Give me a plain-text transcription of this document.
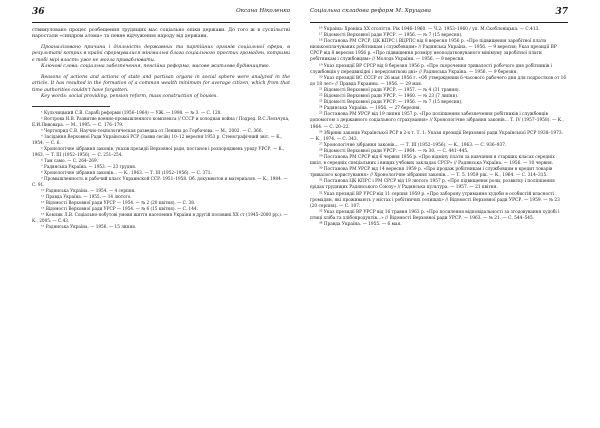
36	Оксана Ніколенко

ствимуловано процес розбещення трудящих мас соціально опіки держави. До того ж в суспільстві наростали «синдром атома» та певне відчуження народу від держави.

Проаналізовано причини і діяльність державних та партійних органів соціальної сфери, в результаті котрих в країні сформувалися мінімальні блага соціального простих громадян, котрими є тобі мірі власть уже не могла приваблювати.

Ключові слова: соціальна забезпечення, пенсійна реформа, масове житлове будівництво.

Reasons of actions and actions of state and partisan organs in social sphere were analyzed in the article. It has resulted in the formation of a common wealth minimum for average citizen, which from that time authorities couldn't have forgotten.

Key words: social providing, pension reform, mass construction of houses.

¹ Кульчицький С.В. Сарабі реформи (1956–1964) — УЖ. — 1998. — № 3. — С. 120.

² Вострова Н.В. Развитие военно-промышленного комплекса // СССР и холодная война / Подред. В.С.Лельчука, Е.И.Пивовара. — М., 1995. — С. 176–179.

³ Чертоприд С.В. Научно-технологическая разведка от Ленина до Горбачова. — М., 2002. — С. 366.

⁴ Засідання Верховної Ради Української РСР (Заяви сесіїв) 10–12 вересня 1953 р. Стенографічний звіт. — К., 1954. — С. 6.

⁵ Хронологічне зібрання законів, указів президії Верховної ради, постанов і розпоряджень уряду УРСР. — К., 1963. — Т. III (1952–1956). — С. 251–254.

⁶ Там само. — С. 264–269.

⁷ Радянська Україна. — 1953. — 23 грудня.

⁸ Хронологічне зібрання законів… — К., 1963. — Т. III (1952–1956). — С. 371.

⁹ Промышленность и рабочий класс Украинской ССР. 1951–1958. Об. документов и материалов. — К., 1984. — С. 91.

¹⁰ Радянська Україна. — 1954. — 4 серпня.

¹¹ Правда Україна. — 1955. — 14 лютого.

¹² Відомості Верховної ради УРСР — 1954. — № 2 (20 квітня). — С. 38.

¹³ Відомості Верховної ради УРСР — 1954. — № 6 (15 квітня). — С. 144.

¹⁴ Комлик Л.В. Соціально-побутові умови життя населення України в другій половині XX ст (1945–2000 рр.). — К., 2005. — С.43.

¹⁵ Радянська Україна. — 1956. — 15 липня.

Соціальна складова реформ М. Хрущова	37

¹⁶ Україна: Хроніка XX століття. Рік 1946–1960. — Ч.2: 1953–1960 / уп. М.Скоблоніцька. — С.413.

¹⁷ Відомості Верховної ради УРСР. — 1956. — № 7 (15 вересня).

¹⁸ Постанова РМ СРСР, ЦК КПРС і ВЦРПС від 8 вересня 1956 р. «Про підвищення заробітної плати низькооплачуваних робітникам і службовцям» // Радянська Україна. — 1956. — 9 вересня; Указ президії ВР СРСР від 8 вересня 1956 р. «Про підвищення розміру неоподатковуваного мінімуму заробітної плати робітникам і службовцям» // Молодь України. — 1956. — 9 вересня.

¹⁹ Указ президії ВР СРСР від 8 березня 1956 р. «Про скорочення тривалості робочого дня робітників і службовців у передвихідні і передсвяткові дні» // Радянська Україна. — 1956. — 9 березня.

²⁰ Указ президії ВС СССР от 26 мая 1956 г. «Об утверждении 6-часового рабочего дня для подростков от 16 до 18 лет» // Правда Украины. — 1956. — 29 мая.

²¹ Відомості Верховної ради УРСР. — 1957. — № 4 (31 травня).

²² Відомості Верховної ради УРСР. — 1960. — № 23 (7 липня).

²³ Відомості Верховної ради УРСР. — 1956. — № 7 (15 вересня).

²⁴ Радянська Україна. — 1956. — 27 березня.

²⁵ Постанова РМ УРСР від 19 липня 1957 р. «Про поліпшення забезпечення робітників і службовців допомогою з державного соціального страхування» // Хронологічне зібрання законів… Т. IV (1957–1958). — К., 1964. — С. 20–22.

²⁶ Збірник законів Української РСР в 2-х т. Т. 1: Укази президії Верховної ради Української РСР 1938–1973. — К., 1974. — С. 343.

²⁷ Хронологічне зібрання законів… — Т. III (1952–1956). — К., 1963. — С. 936–937.

²⁸ Відомості Верховної ради УРСР. — 1964. — № 30. — С. 441–445.

²⁹ Постанова РМ СРСР від 6 червня 1956 р. «Про відміну плати за навчання в старших класах середніх шкіл, в середніх спеціальних і вищих учбових закладах СРСР» // Радянська Україна. — 1956. — 10 червня.

³⁰ Постанова РМ УРСР від 14 вересня 1959 р. «Про продаж робітникам і службовцям в кредит товарів тривалого користування» // Хронологічне зібрання законів… — Т. 5. 1959 рік. — К., 1964. — С. 314–315.

³¹ Постанова ЦК КПРС і РМ СРСР від 19 лютого 1957 р. «Про підвищення роли, розвитку і поліпшення єрідах трудящих Радянського Союзу» // Радянська культура. — 1957. — 21 квітня.

³² Указ президії ВР УРСР від 11 серпня 1959 р. «Про заборону утримання худоби в особистій власності громадян, які проживають у містах і робітничих селищах» // Відомості Верховної ради УРСР. — 1959. — № 23 (20 серпня). — С. 107.

³³ Указ президії ВР УРСР від 16 травня 1963 р. «Про посилення відповідальності за згодовування худобі і птиці хліба та хлібопродуктів…» // Відомості Верховної ради УРСР. — 1963. — № 21. — С. 544–545.

³⁴ Правда Україна. — 1955. — 6 мая.
